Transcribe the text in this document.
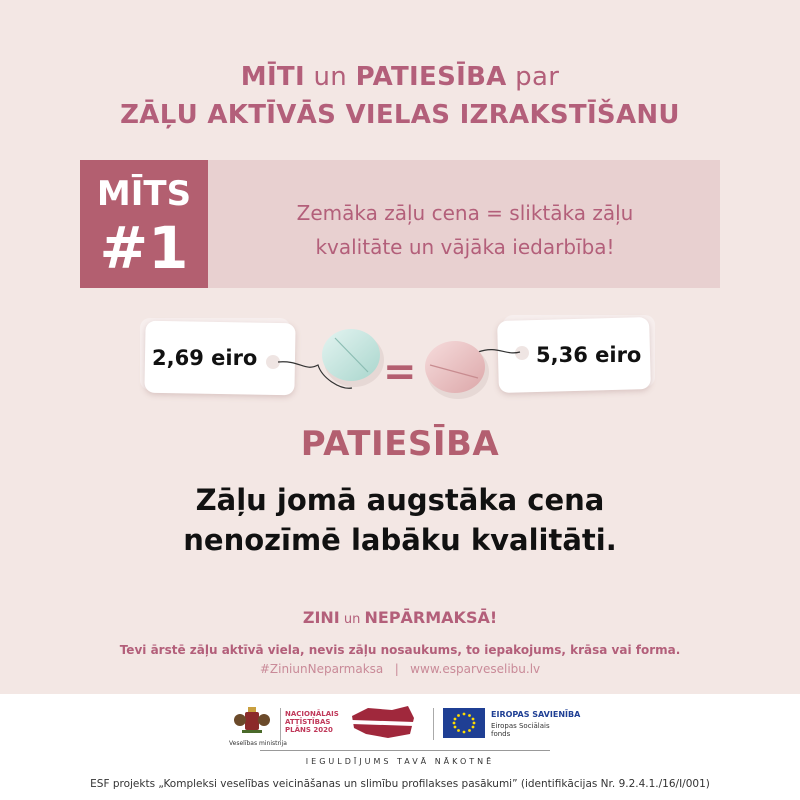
MĪTI un PATIESĪBA par
ZĀĻU AKTĪVĀS VIELAS IZRAKSTĪŠANU
MĪTS
#1
Zemāka zāļu cena = sliktāka zāļu
kvalitāte un vājāka iedarbība!
2,69 eiro	5,36 eiro
=
PATIESĪBA
Zāļu jomā augstāka cena
nenozīmē labāku kvalitāti.
ZINI un NEPĀRMAKSĀ!
Tevi ārstē zāļu aktīvā viela, nevis zāļu nosaukums, to iepakojums, krāsa vai forma.
#ZiniunNeparmaksa   |   www.esparveselibu.lv
Veselības ministrija
NACIONĀLAIS
ATTĪSTĪBAS
PLĀNS 2020
EIROPAS SAVIENĪBA
Eiropas Sociālais
fonds
IEGULDĪJUMS TAVĀ NĀKOTNĒ
ESF projekts „Kompleksi veselības veicināšanas un slimību profilakses pasākumi” (identifikācijas Nr. 9.2.4.1./16/I/001)
